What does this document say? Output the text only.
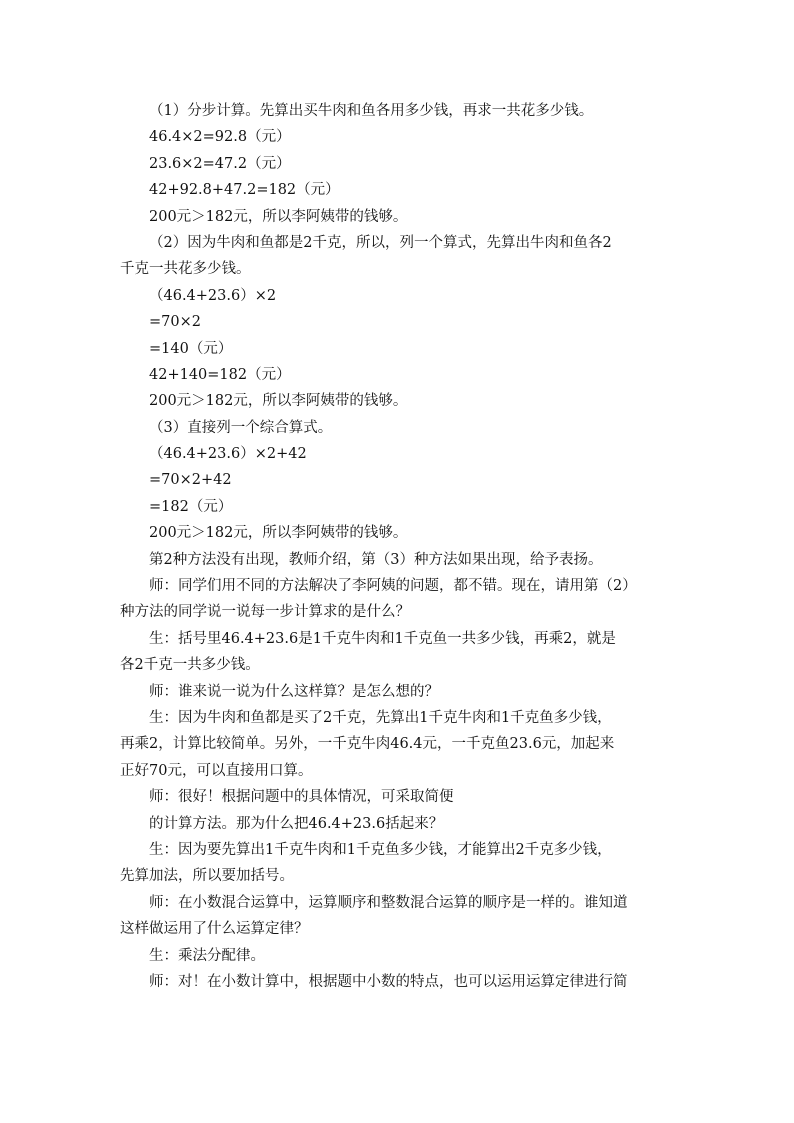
（1）分步计算。先算出买牛肉和鱼各用多少钱，再求一共花多少钱。
46.4×2=92.8（元）
23.6×2=47.2（元）
42+92.8+47.2=182（元）
200元＞182元，所以李阿姨带的钱够。
（2）因为牛肉和鱼都是2千克，所以，列一个算式，先算出牛肉和鱼各2
千克一共花多少钱。
（46.4+23.6）×2
=70×2
=140（元）
42+140=182（元）
200元＞182元，所以李阿姨带的钱够。
（3）直接列一个综合算式。
（46.4+23.6）×2+42
=70×2+42
=182（元）
200元＞182元，所以李阿姨带的钱够。
第2种方法没有出现，教师介绍，第（3）种方法如果出现，给予表扬。
师：同学们用不同的方法解决了李阿姨的问题，都不错。现在，请用第（2）
种方法的同学说一说每一步计算求的是什么？
生：括号里46.4+23.6是1千克牛肉和1千克鱼一共多少钱，再乘2，就是
各2千克一共多少钱。
师：谁来说一说为什么这样算？是怎么想的？
生：因为牛肉和鱼都是买了2千克，先算出1千克牛肉和1千克鱼多少钱，
再乘2，计算比较简单。另外，一千克牛肉46.4元，一千克鱼23.6元，加起来
正好70元，可以直接用口算。
师：很好！根据问题中的具体情况，可采取简便
的计算方法。那为什么把46.4+23.6括起来？
生：因为要先算出1千克牛肉和1千克鱼多少钱，才能算出2千克多少钱，
先算加法，所以要加括号。
师：在小数混合运算中，运算顺序和整数混合运算的顺序是一样的。谁知道
这样做运用了什么运算定律？
生：乘法分配律。
师：对！在小数计算中，根据题中小数的特点，也可以运用运算定律进行简
